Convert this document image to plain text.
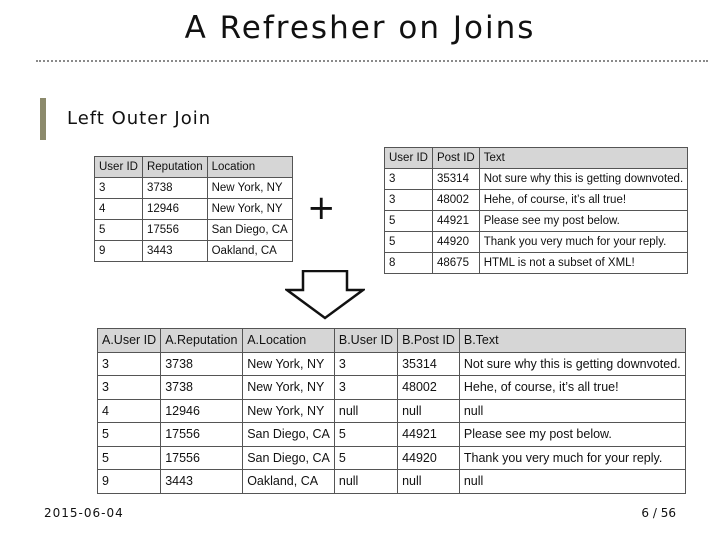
A Refresher on Joins
Left Outer Join
User ID	Reputation	Location
3	3738	New York, NY
4	12946	New York, NY
5	17556	San Diego, CA
9	3443	Oakland, CA
+
User ID	Post ID	Text
3	35314	Not sure why this is getting downvoted.
3	48002	Hehe, of course, it’s all true!
5	44921	Please see my post below.
5	44920	Thank you very much for your reply.
8	48675	HTML is not a subset of XML!
A.User ID	A.Reputation	A.Location	B.User ID	B.Post ID	B.Text
3	3738	New York, NY	3	35314	Not sure why this is getting downvoted.
3	3738	New York, NY	3	48002	Hehe, of course, it’s all true!
4	12946	New York, NY	null	null	null
5	17556	San Diego, CA	5	44921	Please see my post below.
5	17556	San Diego, CA	5	44920	Thank you very much for your reply.
9	3443	Oakland, CA	null	null	null
2015-06-04	6 / 56
